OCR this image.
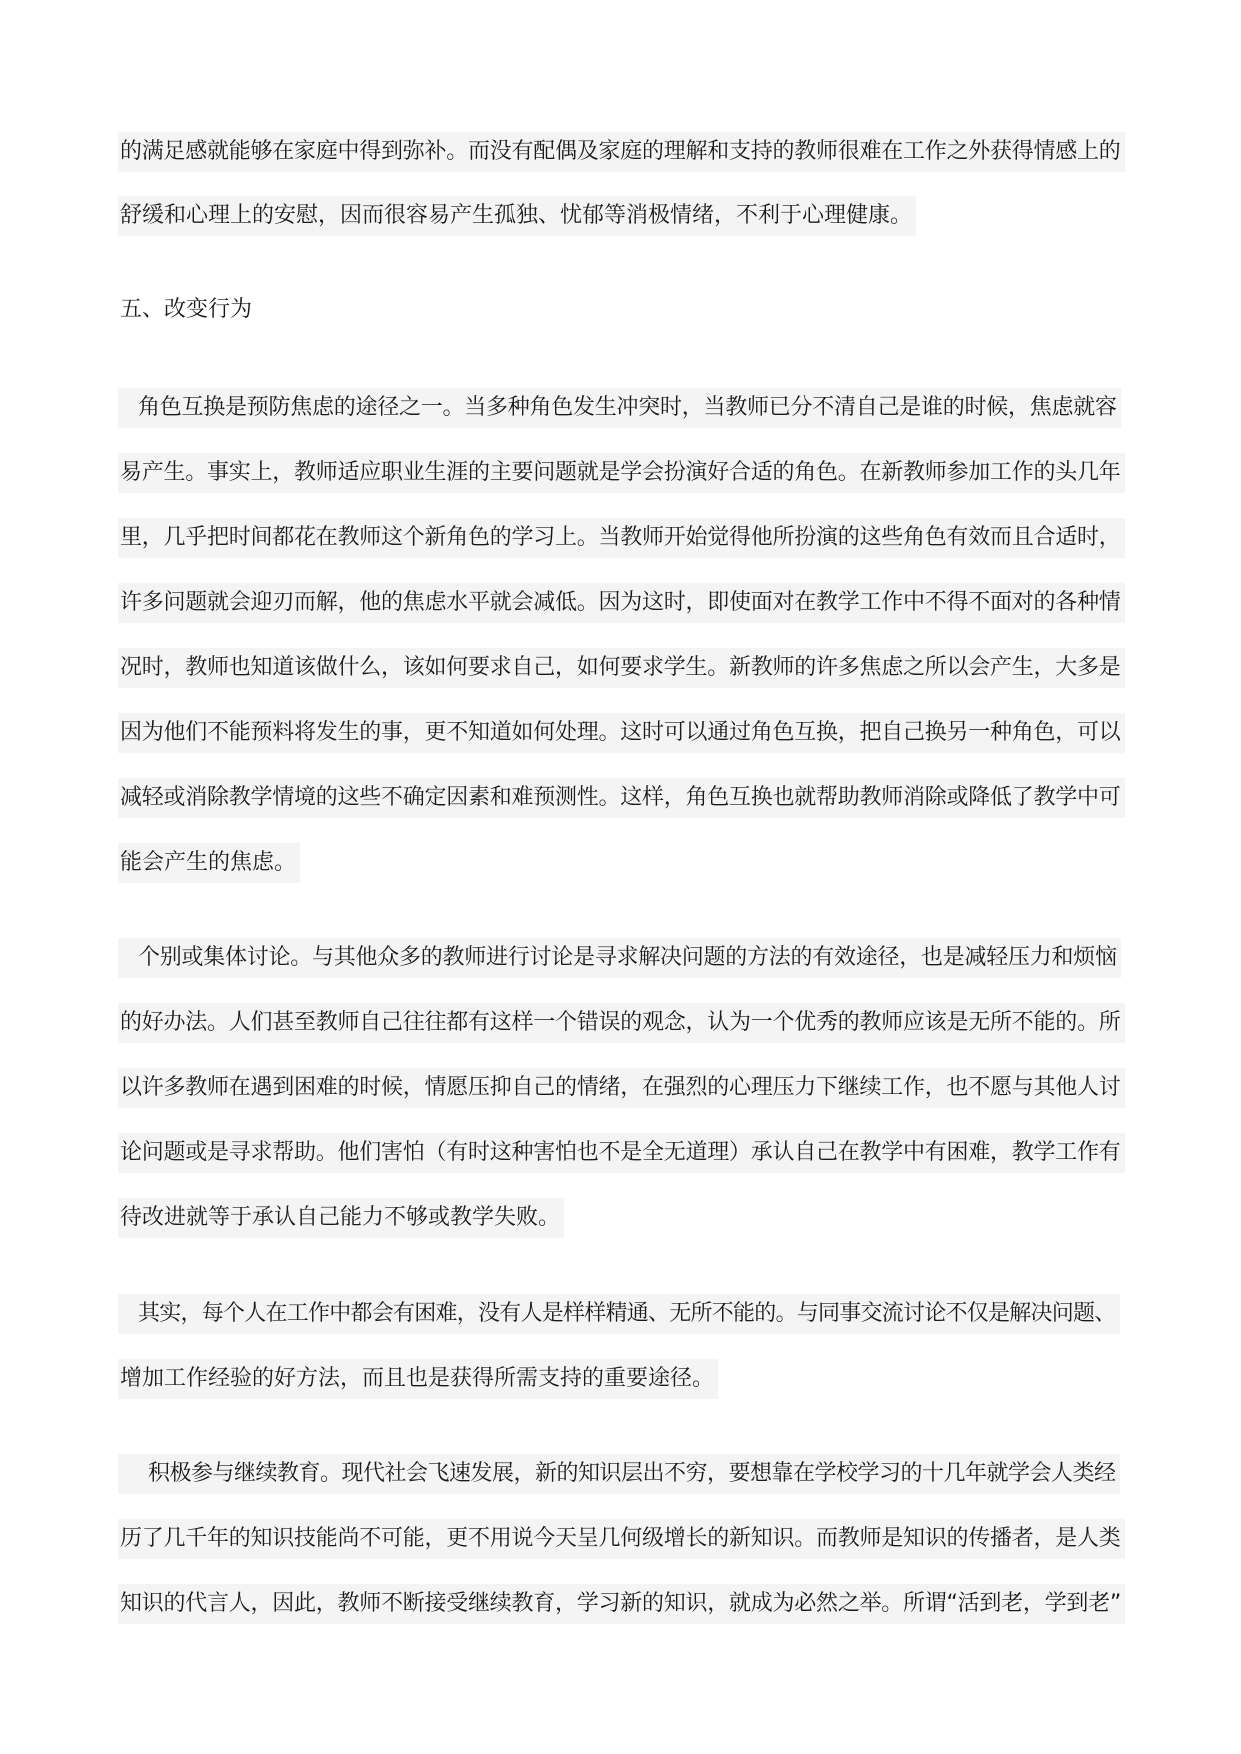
的满足感就能够在家庭中得到弥补。而没有配偶及家庭的理解和支持的教师很难在工作之外获得情感上的
舒缓和心理上的安慰，因而很容易产生孤独、忧郁等消极情绪，不利于心理健康。
五、改变行为
角色互换是预防焦虑的途径之一。当多种角色发生冲突时，当教师已分不清自己是谁的时候，焦虑就容
易产生。事实上，教师适应职业生涯的主要问题就是学会扮演好合适的角色。在新教师参加工作的头几年
里，几乎把时间都花在教师这个新角色的学习上。当教师开始觉得他所扮演的这些角色有效而且合适时，
许多问题就会迎刃而解，他的焦虑水平就会减低。因为这时，即使面对在教学工作中不得不面对的各种情
况时，教师也知道该做什么，该如何要求自己，如何要求学生。新教师的许多焦虑之所以会产生，大多是
因为他们不能预料将发生的事，更不知道如何处理。这时可以通过角色互换，把自己换另一种角色，可以
减轻或消除教学情境的这些不确定因素和难预测性。这样，角色互换也就帮助教师消除或降低了教学中可
能会产生的焦虑。
个别或集体讨论。与其他众多的教师进行讨论是寻求解决问题的方法的有效途径，也是减轻压力和烦恼
的好办法。人们甚至教师自己往往都有这样一个错误的观念，认为一个优秀的教师应该是无所不能的。所
以许多教师在遇到困难的时候，情愿压抑自己的情绪，在强烈的心理压力下继续工作，也不愿与其他人讨
论问题或是寻求帮助。他们害怕（有时这种害怕也不是全无道理）承认自己在教学中有困难，教学工作有
待改进就等于承认自己能力不够或教学失败。
其实，每个人在工作中都会有困难，没有人是样样精通、无所不能的。与同事交流讨论不仅是解决问题、
增加工作经验的好方法，而且也是获得所需支持的重要途径。
积极参与继续教育。现代社会飞速发展，新的知识层出不穷，要想靠在学校学习的十几年就学会人类经
历了几千年的知识技能尚不可能，更不用说今天呈几何级增长的新知识。而教师是知识的传播者，是人类
知识的代言人，因此，教师不断接受继续教育，学习新的知识，就成为必然之举。所谓“活到老，学到老”
